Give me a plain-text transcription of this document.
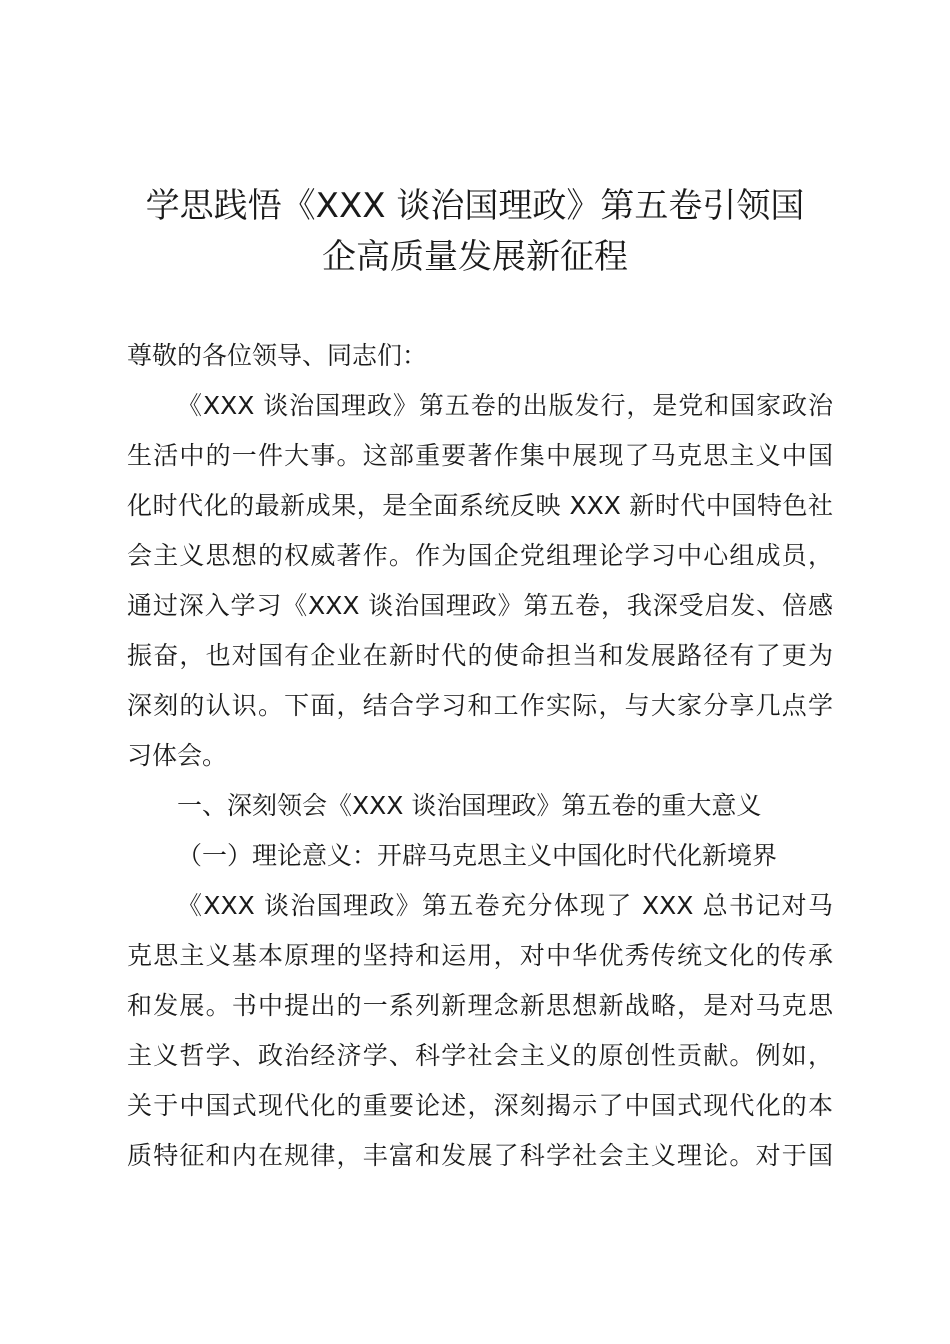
学思践悟《XXX 谈治国理政》第五卷引领国
企高质量发展新征程
尊敬的各位领导、同志们：
《XXX 谈治国理政》第五卷的出版发行，是党和国家政治
生活中的一件大事。这部重要著作集中展现了马克思主义中国
化时代化的最新成果，是全面系统反映 XXX 新时代中国特色社
会主义思想的权威著作。作为国企党组理论学习中心组成员，
通过深入学习《XXX 谈治国理政》第五卷，我深受启发、倍感
振奋，也对国有企业在新时代的使命担当和发展路径有了更为
深刻的认识。下面，结合学习和工作实际，与大家分享几点学
习体会。
一、深刻领会《XXX 谈治国理政》第五卷的重大意义
（一）理论意义：开辟马克思主义中国化时代化新境界
《XXX 谈治国理政》第五卷充分体现了 XXX 总书记对马
克思主义基本原理的坚持和运用，对中华优秀传统文化的传承
和发展。书中提出的一系列新理念新思想新战略，是对马克思
主义哲学、政治经济学、科学社会主义的原创性贡献。例如，
关于中国式现代化的重要论述，深刻揭示了中国式现代化的本
质特征和内在规律，丰富和发展了科学社会主义理论。对于国
